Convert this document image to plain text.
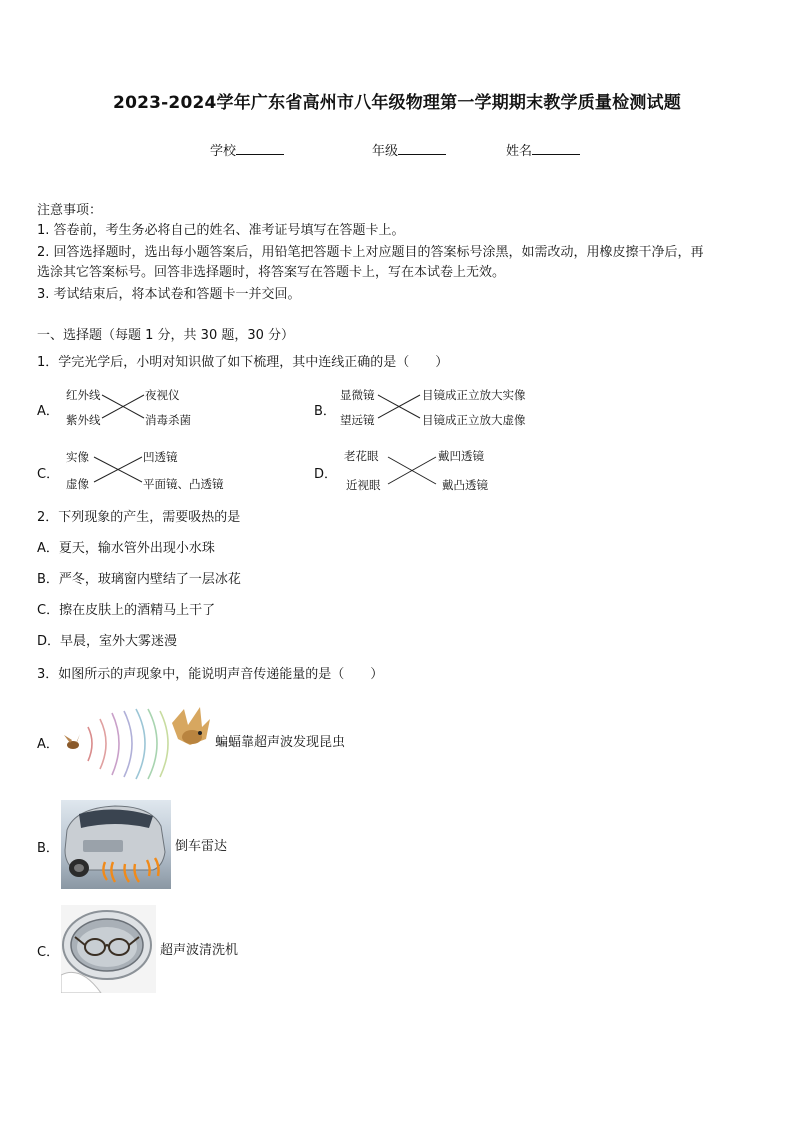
2023-2024学年广东省高州市八年级物理第一学期期末教学质量检测试题
学校	年级	姓名
注意事项：
1. 答卷前，考生务必将自己的姓名、准考证号填写在答题卡上。
2. 回答选择题时，选出每小题答案后，用铅笔把答题卡上对应题目的答案标号涂黑，如需改动，用橡皮擦干净后，再
选涂其它答案标号。回答非选择题时，将答案写在答题卡上，写在本试卷上无效。
3. 考试结束后，将本试卷和答题卡一并交回。
一、选择题（每题 1 分，共 30 题，30 分）
1．学完光学后，小明对知识做了如下梳理，其中连线正确的是（　　）
A．
红外线
紫外线
夜视仪
消毒杀菌
B．
显微镜
望远镜
目镜成正立放大实像
目镜成正立放大虚像
C．
实像
虚像
凹透镜
平面镜、凸透镜
D．
老花眼
近视眼
戴凹透镜
戴凸透镜
2．下列现象的产生，需要吸热的是
A．夏天，输水管外出现小水珠
B．严冬，玻璃窗内壁结了一层冰花
C．擦在皮肤上的酒精马上干了
D．早晨，室外大雾迷漫
3．如图所示的声现象中，能说明声音传递能量的是（　　）
A．	蝙蝠靠超声波发现昆虫
B．	倒车雷达
C．	超声波清洗机
